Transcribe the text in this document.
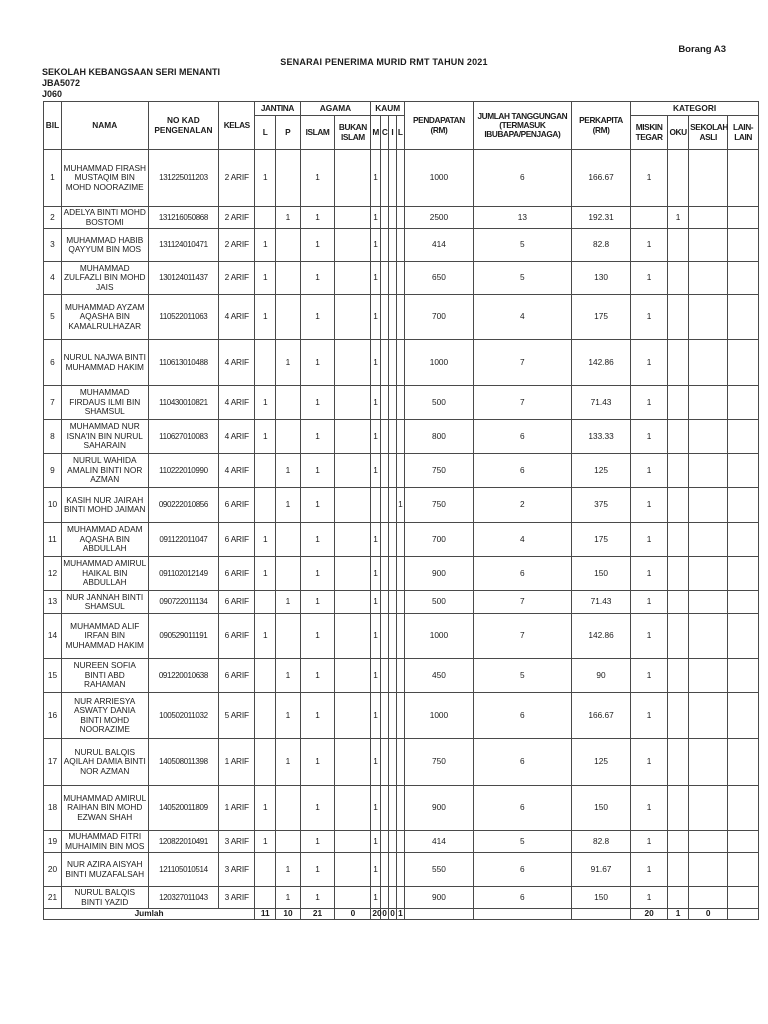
Borang A3
SENARAI PENERIMA MURID RMT TAHUN 2021
SEKOLAH KEBANGSAAN SERI MENANTI
JBA5072
J060
BIL	NAMA	NO KAD PENGENALAN	KELAS	JANTINA		AGAMA		KAUM				PENDAPATAN (RM)	JUMLAH TANGGUNGAN (TERMASUK IBUBAPA/PENJAGA)	PERKAPITA (RM)	KATEGORI			
				L	P	ISLAM	BUKAN ISLAM	M	C	I	L				MISKIN TEGAR	OKU	SEKOLAH ASLI	LAIN-LAIN
1	MUHAMMAD FIRASH MUSTAQIM BIN MOHD NOORAZIME	131225011203	2 ARIF	1		1		1				1000	6	166.67	1			
2	ADELYA BINTI MOHD BOSTOMI	131216050868	2 ARIF		1	1		1				2500	13	192.31		1		
3	MUHAMMAD HABIB QAYYUM BIN MOS	131124010471	2 ARIF	1		1		1				414	5	82.8	1			
4	MUHAMMAD ZULFAZLI BIN MOHD JAIS	130124011437	2 ARIF	1		1		1				650	5	130	1			
5	MUHAMMAD AYZAM AQASHA BIN KAMALRULHAZAR	110522011063	4 ARIF	1		1		1				700	4	175	1			
6	NURUL NAJWA BINTI MUHAMMAD HAKIM	110613010488	4 ARIF		1	1		1				1000	7	142.86	1			
7	MUHAMMAD FIRDAUS ILMI BIN SHAMSUL	110430010821	4 ARIF	1		1		1				500	7	71.43	1			
8	MUHAMMAD NUR ISNA'IN BIN NURUL SAHARAIN	110627010083	4 ARIF	1		1		1				800	6	133.33	1			
9	NURUL WAHIDA AMALIN BINTI NOR AZMAN	110222010990	4 ARIF		1	1		1				750	6	125	1			
10	KASIH NUR JAIRAH BINTI MOHD JAIMAN	090222010856	6 ARIF		1	1					1	750	2	375	1			
11	MUHAMMAD ADAM AQASHA BIN ABDULLAH	091122011047	6 ARIF	1		1		1				700	4	175	1			
12	MUHAMMAD AMIRUL HAIKAL BIN ABDULLAH	091102012149	6 ARIF	1		1		1				900	6	150	1			
13	NUR JANNAH BINTI SHAMSUL	090722011134	6 ARIF		1	1		1				500	7	71.43	1			
14	MUHAMMAD ALIF IRFAN BIN MUHAMMAD HAKIM	090529011191	6 ARIF	1		1		1				1000	7	142.86	1			
15	NUREEN SOFIA BINTI ABD RAHAMAN	091220010638	6 ARIF		1	1		1				450	5	90	1			
16	NUR ARRIESYA ASWATY DANIA BINTI MOHD NOORAZIME	100502011032	5 ARIF		1	1		1				1000	6	166.67	1			
17	NURUL BALQIS AQILAH DAMIA BINTI NOR AZMAN	140508011398	1 ARIF		1	1		1				750	6	125	1			
18	MUHAMMAD AMIRUL RAIHAN BIN MOHD EZWAN SHAH	140520011809	1 ARIF	1		1		1				900	6	150	1			
19	MUHAMMAD FITRI MUHAIMIN BIN MOS	120822010491	3 ARIF	1		1		1				414	5	82.8	1			
20	NUR AZIRA AISYAH BINTI MUZAFALSAH	121105010514	3 ARIF		1	1		1				550	6	91.67	1			
21	NURUL BALQIS BINTI YAZID	120327011043	3 ARIF		1	1		1				900	6	150	1			
Jumlah				11	10	21	0	20	0	0	1				20	1	0	
